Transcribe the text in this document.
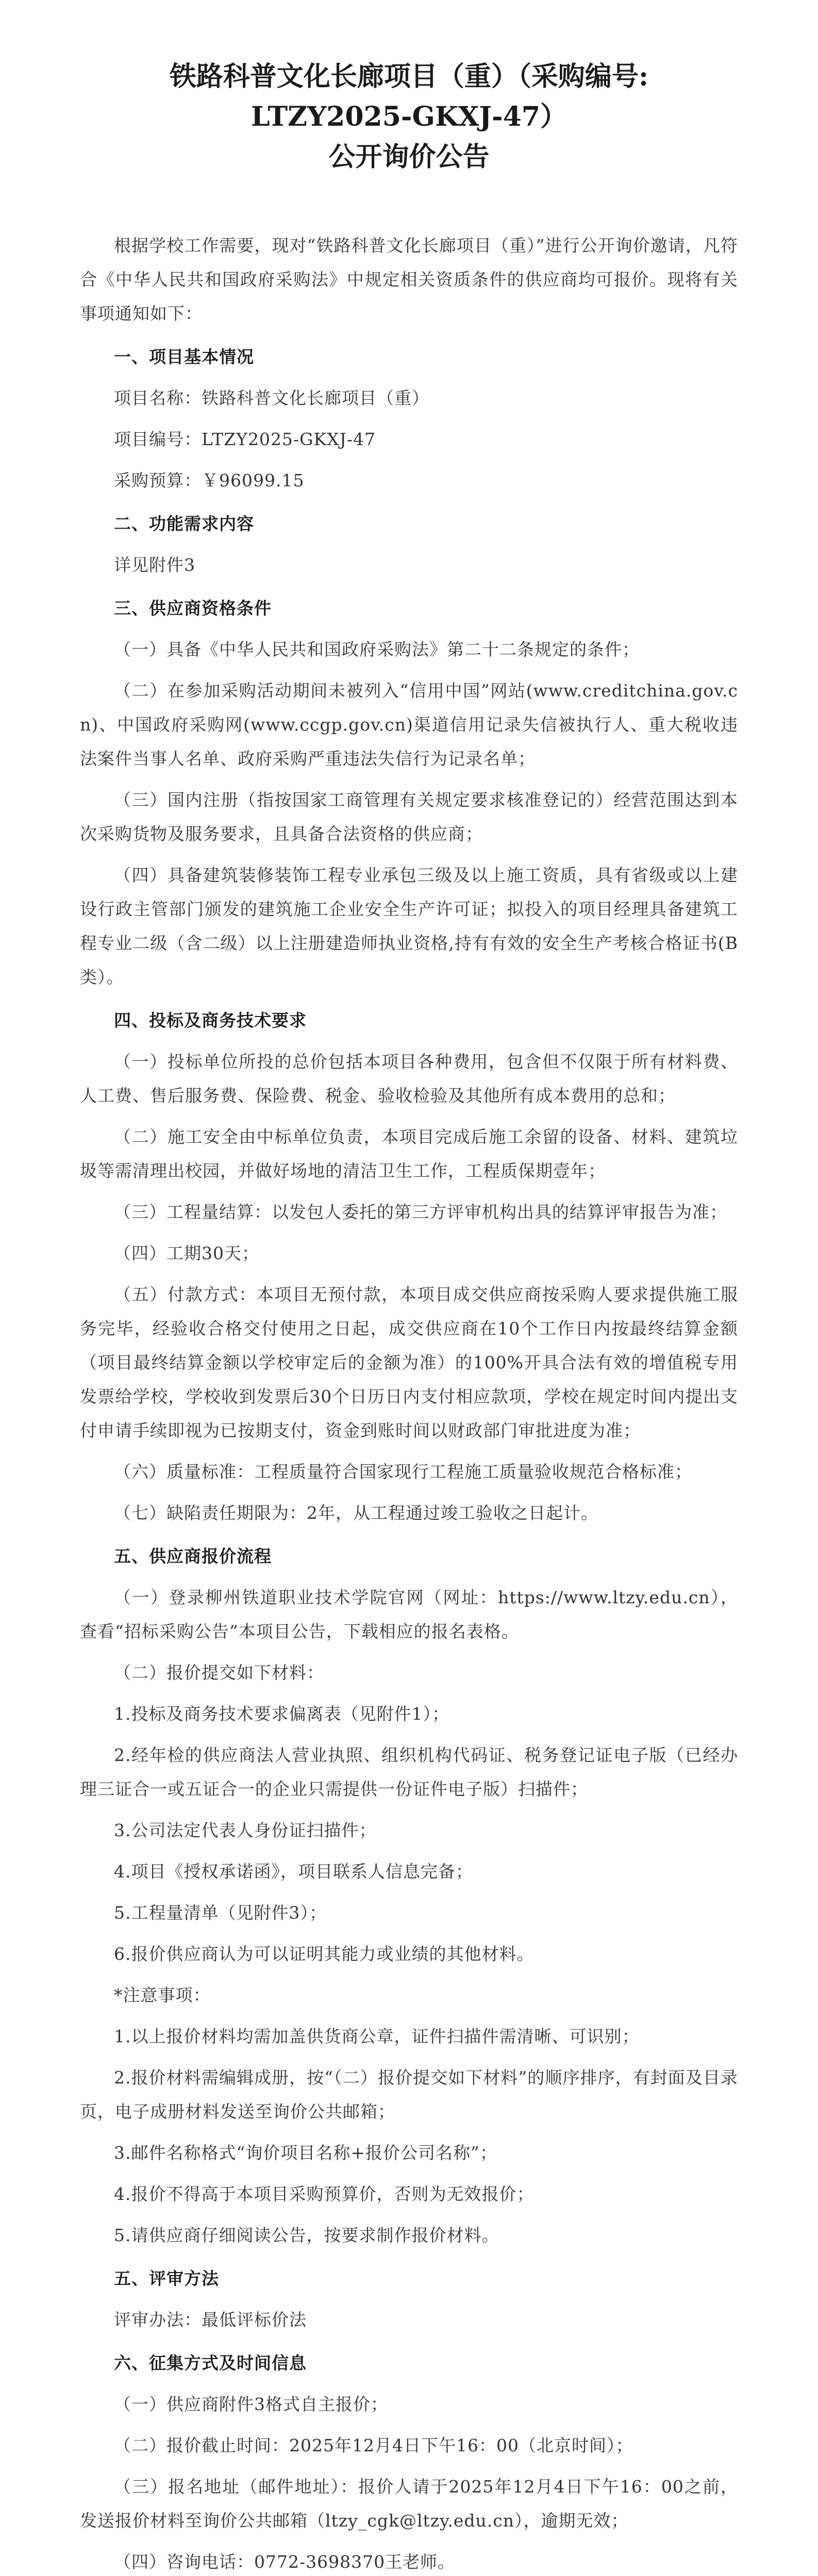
铁路科普文化长廊项目（重）（采购编号:
LTZY2025-GKXJ-47）
公开询价公告

根据学校工作需要，现对“铁路科普文化长廊项目（重）”进行公开询价邀请，凡符合《中华人民共和国政府采购法》中规定相关资质条件的供应商均可报价。现将有关事项通知如下：

一、项目基本情况

项目名称：铁路科普文化长廊项目（重）

项目编号：LTZY2025-GKXJ-47

采购预算：￥96099.15

二、功能需求内容

详见附件3

三、供应商资格条件

（一）具备《中华人民共和国政府采购法》第二十二条规定的条件；

（二）在参加采购活动期间未被列入“信用中国”网站(www.creditchina.gov.cn)、中国政府采购网(www.ccgp.gov.cn)渠道信用记录失信被执行人、重大税收违法案件当事人名单、政府采购严重违法失信行为记录名单；

（三）国内注册（指按国家工商管理有关规定要求核准登记的）经营范围达到本次采购货物及服务要求，且具备合法资格的供应商；

（四）具备建筑装修装饰工程专业承包三级及以上施工资质，具有省级或以上建设行政主管部门颁发的建筑施工企业安全生产许可证；拟投入的项目经理具备建筑工程专业二级（含二级）以上注册建造师执业资格,持有有效的安全生产考核合格证书(B类）。

四、投标及商务技术要求

（一）投标单位所投的总价包括本项目各种费用，包含但不仅限于所有材料费、人工费、售后服务费、保险费、税金、验收检验及其他所有成本费用的总和；

（二）施工安全由中标单位负责，本项目完成后施工余留的设备、材料、建筑垃圾等需清理出校园，并做好场地的清洁卫生工作，工程质保期壹年；

（三）工程量结算：以发包人委托的第三方评审机构出具的结算评审报告为准；

（四）工期30天；

（五）付款方式：本项目无预付款，本项目成交供应商按采购人要求提供施工服务完毕，经验收合格交付使用之日起，成交供应商在10个工作日内按最终结算金额（项目最终结算金额以学校审定后的金额为准）的100%开具合法有效的增值税专用发票给学校，学校收到发票后30个日历日内支付相应款项，学校在规定时间内提出支付申请手续即视为已按期支付，资金到账时间以财政部门审批进度为准；

（六）质量标准：工程质量符合国家现行工程施工质量验收规范合格标准；

（七）缺陷责任期限为：2年，从工程通过竣工验收之日起计。

五、供应商报价流程

（一）登录柳州铁道职业技术学院官网（网址：https://www.ltzy.edu.cn），查看“招标采购公告”本项目公告，下载相应的报名表格。

（二）报价提交如下材料：

1.投标及商务技术要求偏离表（见附件1）；

2.经年检的供应商法人营业执照、组织机构代码证、税务登记证电子版（已经办理三证合一或五证合一的企业只需提供一份证件电子版）扫描件；

3.公司法定代表人身份证扫描件；

4.项目《授权承诺函》，项目联系人信息完备；

5.工程量清单（见附件3）；

6.报价供应商认为可以证明其能力或业绩的其他材料。

*注意事项：

1.以上报价材料均需加盖供货商公章，证件扫描件需清晰、可识别；

2.报价材料需编辑成册，按“（二）报价提交如下材料”的顺序排序，有封面及目录页，电子成册材料发送至询价公共邮箱；

3.邮件名称格式“询价项目名称+报价公司名称”；

4.报价不得高于本项目采购预算价，否则为无效报价；

5.请供应商仔细阅读公告，按要求制作报价材料。

五、评审方法

评审办法：最低评标价法

六、征集方式及时间信息

（一）供应商附件3格式自主报价；

（二）报价截止时间：2025年12月4日下午16：00（北京时间）；

（三）报名地址（邮件地址）：报价人请于2025年12月4日下午16：00之前，发送报价材料至询价公共邮箱（ltzy_cgk@ltzy.edu.cn），逾期无效；

（四）咨询电话：0772-3698370王老师。
